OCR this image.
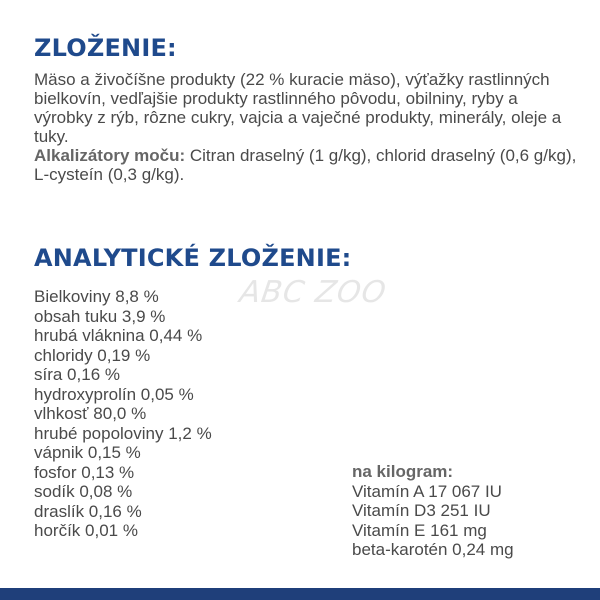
ZLOŽENIE:

Mäso a živočíšne produkty (22 % kuracie mäso), výťažky rastlinných bielkovín, vedľajšie produkty rastlinného pôvodu, obilniny, ryby a výrobky z rýb, rôzne cukry, vajcia a vaječné produkty, minerály, oleje a tuky.
Alkalizátory moču: Citran draselný (1 g/kg), chlorid draselný (0,6 g/kg), L-cysteín (0,3 g/kg).

ANALYTICKÉ ZLOŽENIE:
ABC ZOO
Bielkoviny 8,8 %
obsah tuku 3,9 %
hrubá vláknina 0,44 %
chloridy 0,19 %
síra 0,16 %
hydroxyprolín 0,05 %
vlhkosť 80,0 %
hrubé popoloviny 1,2 %
vápnik 0,15 %
fosfor 0,13 %
sodík 0,08 %
draslík 0,16 %
horčík 0,01 %
na kilogram:
Vitamín A 17 067 IU
Vitamín D3 251 IU
Vitamín E 161 mg
beta-karotén 0,24 mg
